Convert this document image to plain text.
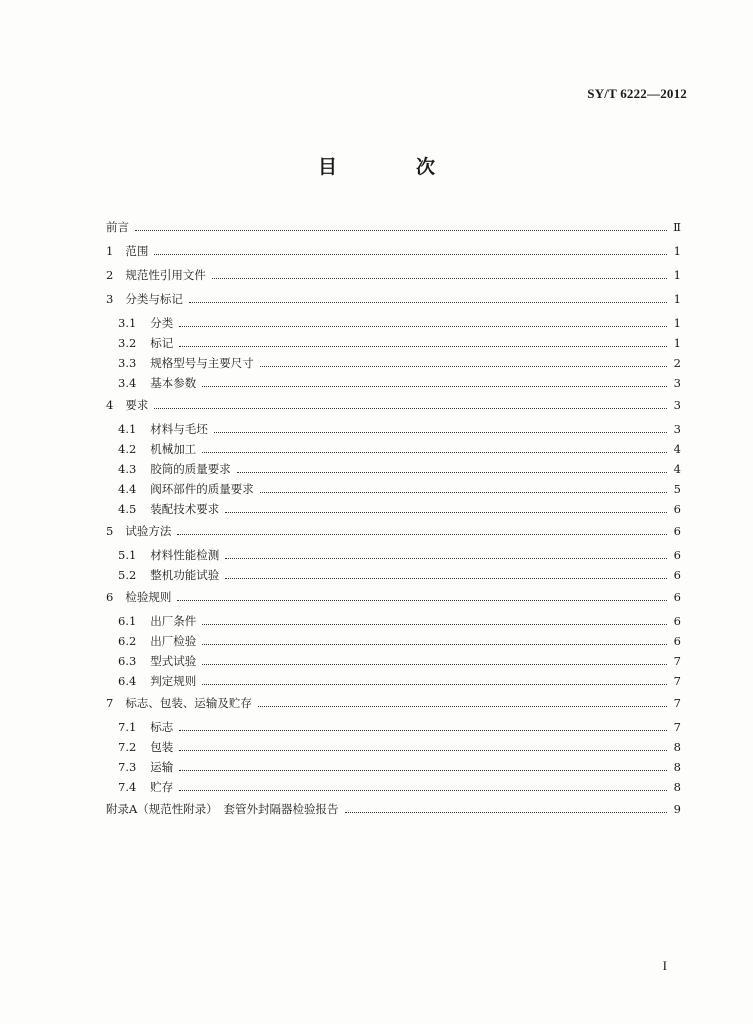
SY/T 6222—2012
目　次
前言	Ⅱ
1 范围	1
2 规范性引用文件	1
3 分类与标记	1
3.1 分类	1
3.2 标记	1
3.3 规格型号与主要尺寸	2
3.4 基本参数	3
4 要求	3
4.1 材料与毛坯	3
4.2 机械加工	4
4.3 胶筒的质量要求	4
4.4 阀环部件的质量要求	5
4.5 装配技术要求	6
5 试验方法	6
5.1 材料性能检测	6
5.2 整机功能试验	6
6 检验规则	6
6.1 出厂条件	6
6.2 出厂检验	6
6.3 型式试验	7
6.4 判定规则	7
7 标志、包装、运输及贮存	7
7.1 标志	7
7.2 包装	8
7.3 运输	8
7.4 贮存	8
附录A（规范性附录）　套管外封隔器检验报告	9
I
